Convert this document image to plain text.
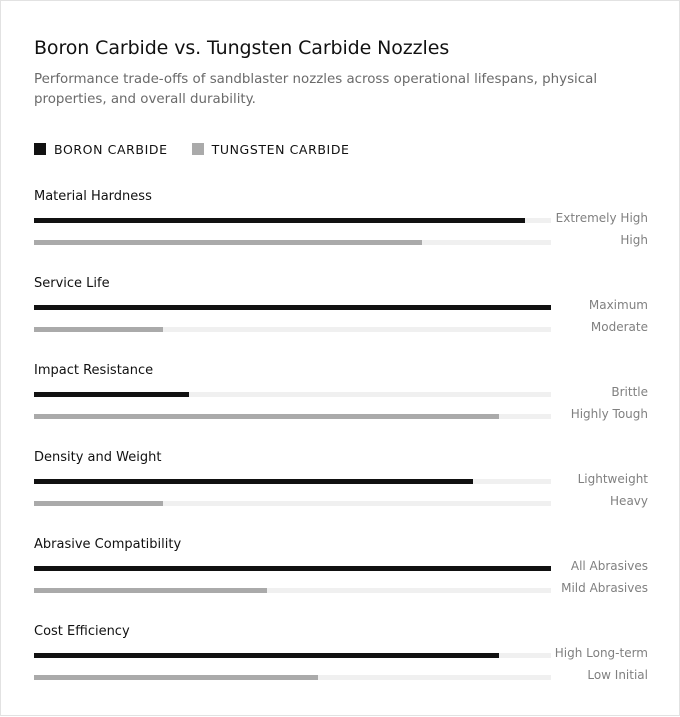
Boron Carbide vs. Tungsten Carbide Nozzles

Performance trade-offs of sandblaster nozzles across operational lifespans, physical properties, and overall durability.

BORON CARBIDE	TUNGSTEN CARBIDE
Material Hardness
Extremely High
High
Service Life
Maximum
Moderate
Impact Resistance
Brittle
Highly Tough
Density and Weight
Lightweight
Heavy
Abrasive Compatibility
All Abrasives
Mild Abrasives
Cost Efficiency
High Long-term
Low Initial
